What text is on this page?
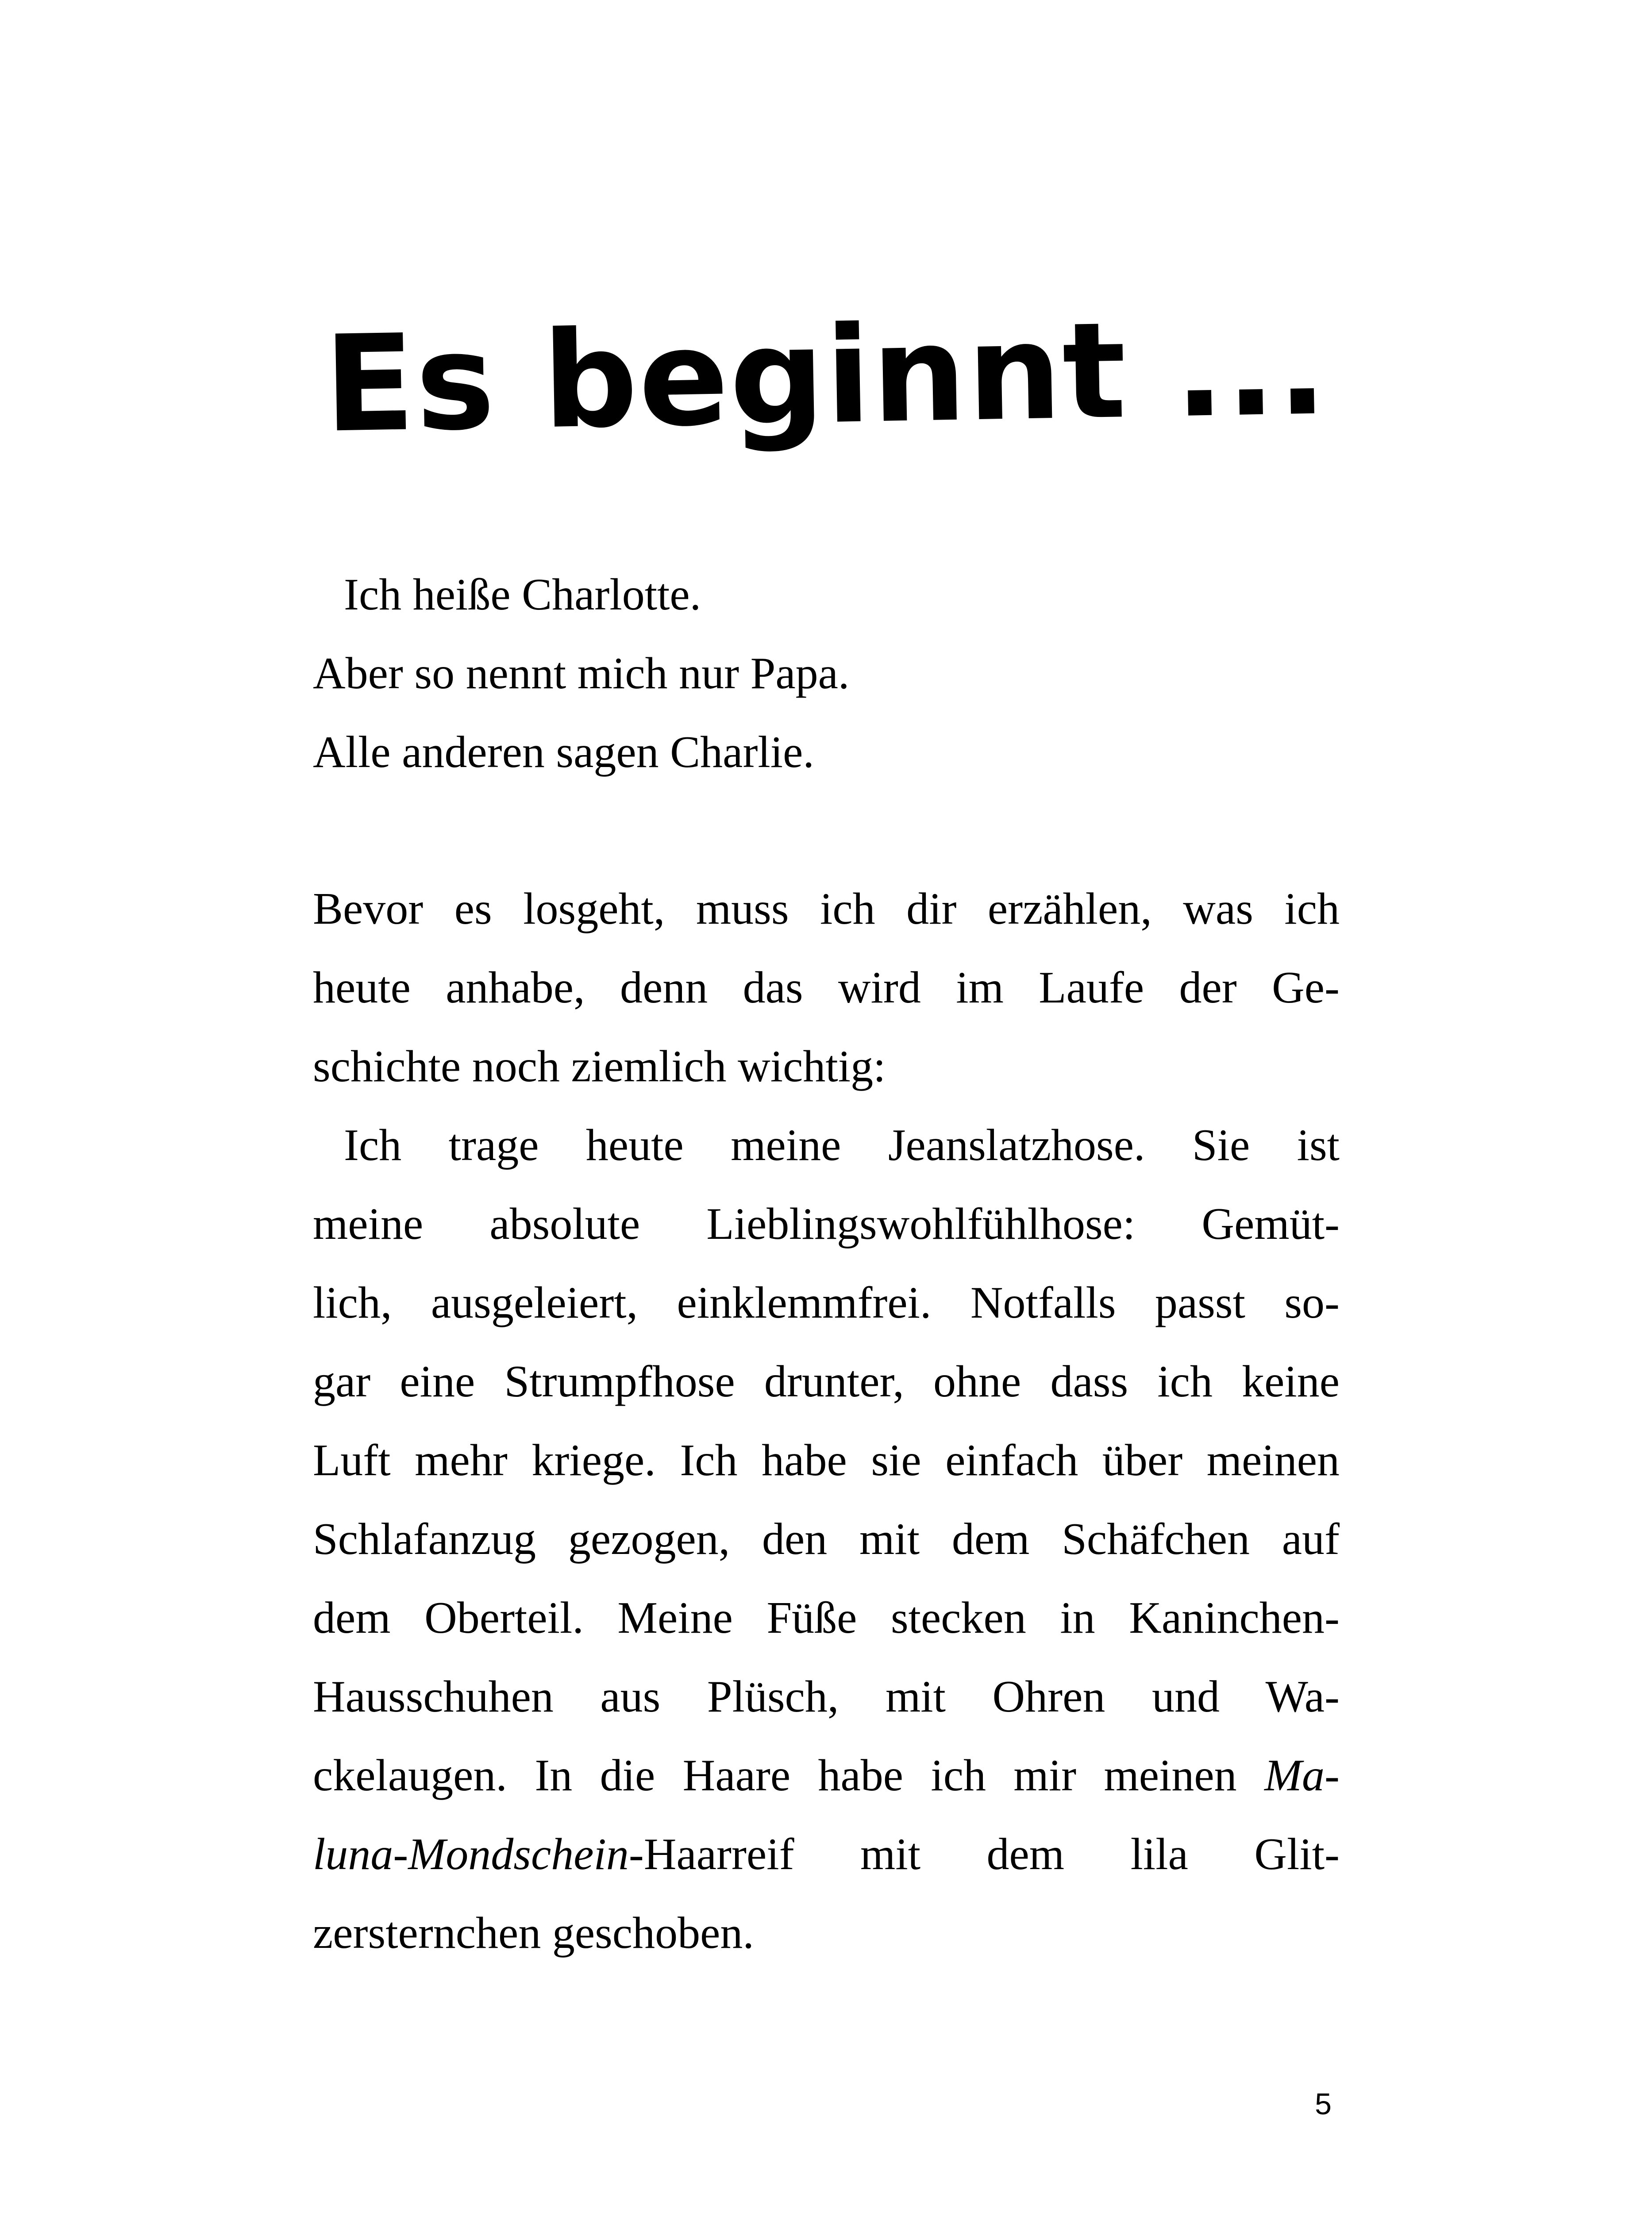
Es beginnt ...
Ich heiße Charlotte.
Aber so nennt mich nur Papa.
Alle anderen sagen Charlie.
Bevor es losgeht, muss ich dir erzählen, was ich
heute anhabe, denn das wird im Laufe der Ge-
schichte noch ziemlich wichtig:
Ich trage heute meine Jeanslatzhose. Sie ist
meine absolute Lieblingswohlfühlhose: Gemüt-
lich, ausgeleiert, einklemmfrei. Notfalls passt so-
gar eine Strumpfhose drunter, ohne dass ich keine
Luft mehr kriege. Ich habe sie einfach über meinen
Schlafanzug gezogen, den mit dem Schäfchen auf
dem Oberteil. Meine Füße stecken in Kaninchen-
Hausschuhen aus Plüsch, mit Ohren und Wa-
ckelaugen. In die Haare habe ich mir meinen Ma-
luna-Mondschein-Haarreif mit dem lila Glit-
zersternchen geschoben.
5
